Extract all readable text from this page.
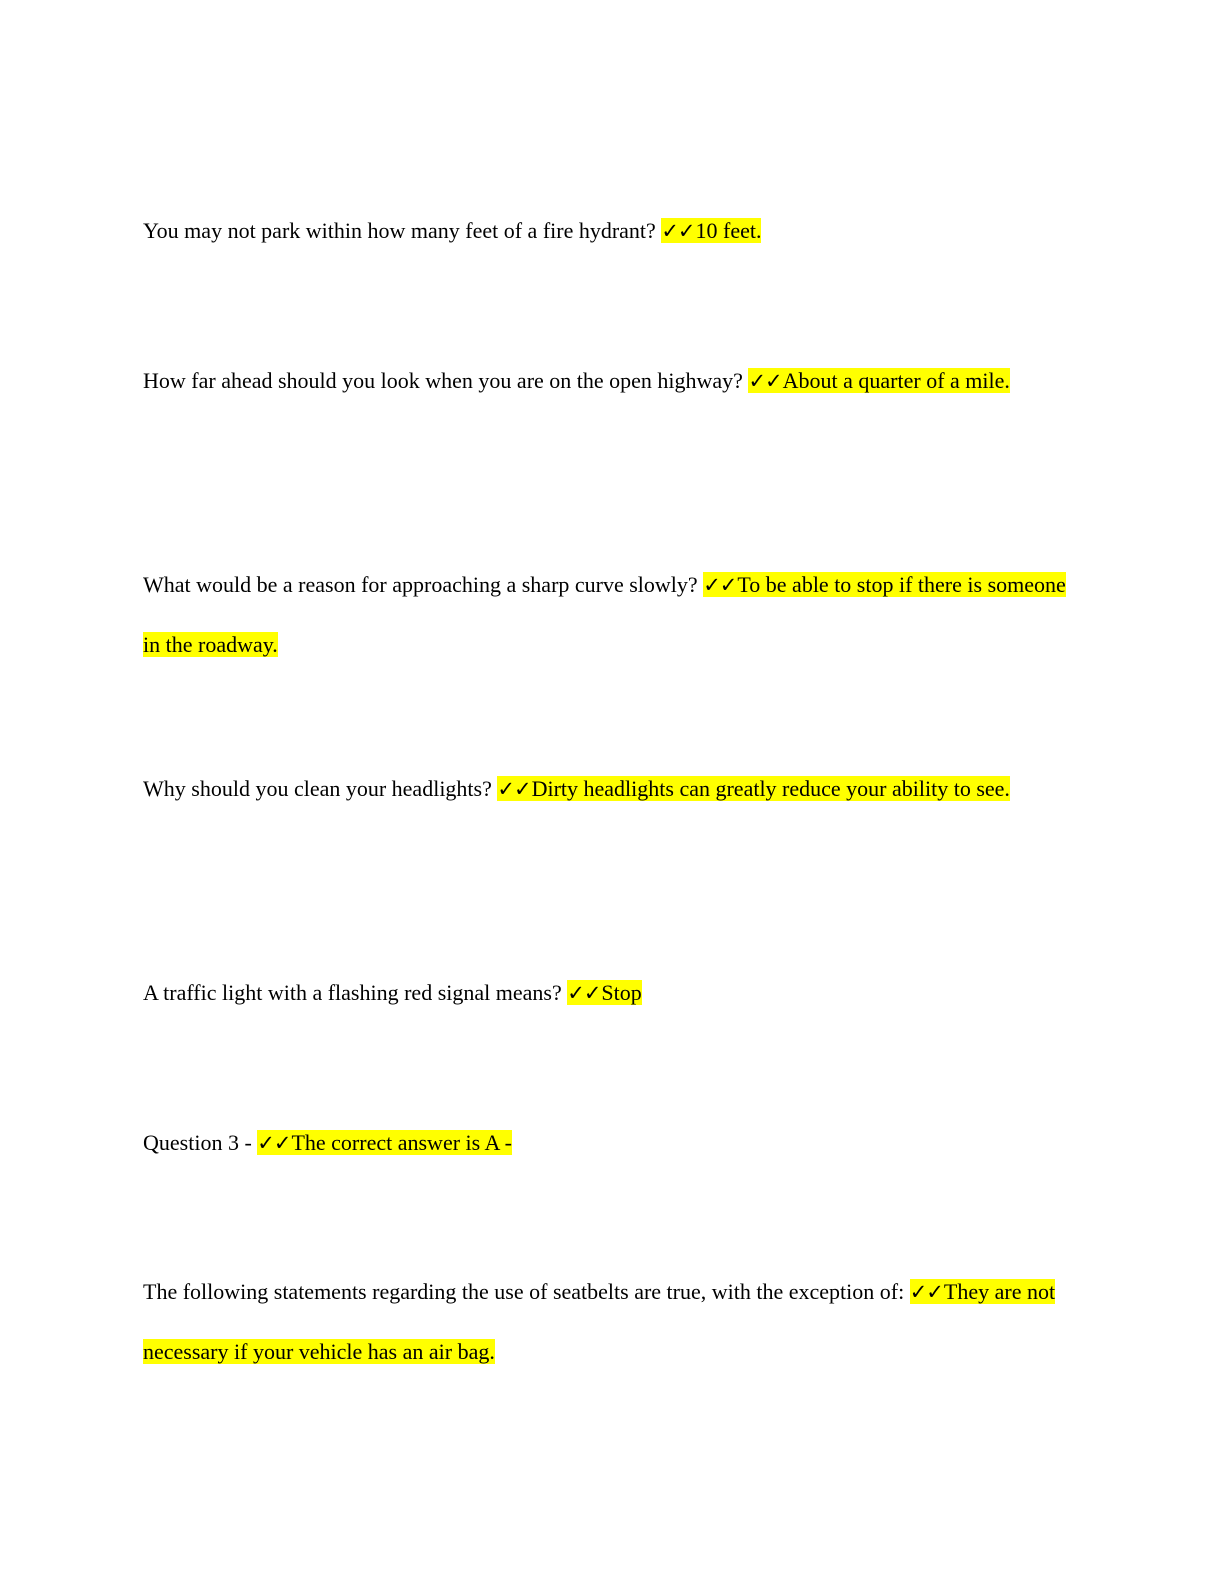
You may not park within how many feet of a fire hydrant? ✓✓10 feet.

How far ahead should you look when you are on the open highway? ✓✓About a quarter of a mile.

What would be a reason for approaching a sharp curve slowly? ✓✓To be able to stop if there is someone in the roadway.

Why should you clean your headlights? ✓✓Dirty headlights can greatly reduce your ability to see.

A traffic light with a flashing red signal means? ✓✓Stop

Question 3 - ✓✓The correct answer is A -

The following statements regarding the use of seatbelts are true, with the exception of: ✓✓They are not necessary if your vehicle has an air bag.
